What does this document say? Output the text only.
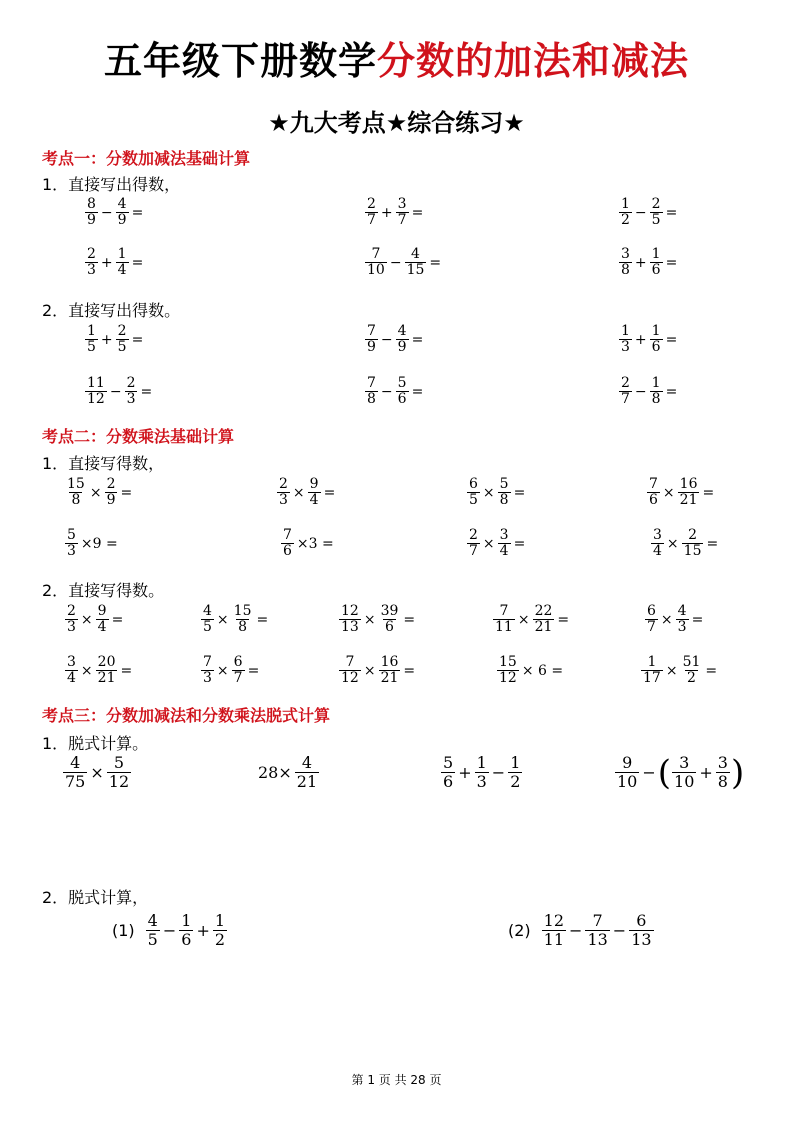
五年级下册数学分数的加法和减法
★九大考点★综合练习★
考点一：分数加减法基础计算
1．直接写出得数，
2．直接写出得数。
考点二：分数乘法基础计算
1．直接写得数，
2．直接写得数。
考点三：分数加减法和分数乘法脱式计算
1．脱式计算。
2．脱式计算，
$\frac{8}{9} - \frac{4}{9}$ =	$\frac{2}{7} + \frac{3}{7}$ =	$\frac{1}{2} - \frac{2}{5}$ =
$\frac{2}{3} + \frac{1}{4}$ =	$\frac{7}{10} - \frac{4}{15}$ =	$\frac{3}{8} + \frac{1}{6}$ =
$\frac{1}{5} + \frac{2}{5}$ =	$\frac{7}{9} - \frac{4}{9}$ =	$\frac{1}{3} + \frac{1}{6}$ =
$\frac{11}{12} - \frac{2}{3}$ =	$\frac{7}{8} - \frac{5}{6}$ =	$\frac{2}{7} - \frac{1}{8}$ =
$\frac{15}{8} \times \frac{2}{9}$ =	$\frac{2}{3} \times \frac{9}{4}$ =	$\frac{6}{5} \times \frac{5}{8}$ =	$\frac{7}{6} \times \frac{16}{21}$ =
$\frac{5}{3} \times 9$ =	$\frac{7}{6} \times 3$ =	$\frac{2}{7} \times \frac{3}{4}$ =	$\frac{3}{4} \times \frac{2}{15}$ =
$\frac{2}{3} \times \frac{9}{4}$ =	$\frac{4}{5} \times \frac{15}{8}$ =	$\frac{12}{13} \times \frac{39}{6}$ =	$\frac{7}{11} \times \frac{22}{21}$ =	$\frac{6}{7} \times \frac{4}{3}$ =
$\frac{3}{4} \times \frac{20}{21}$ =	$\frac{7}{3} \times \frac{6}{7}$ =	$\frac{7}{12} \times \frac{16}{21}$ =	$\frac{15}{12} \times 6$ =	$\frac{1}{17} \times \frac{51}{2}$ =
$\frac{4}{75} \times \frac{5}{12}$	$28\times \frac{4}{21}$	$\frac{5}{6} + \frac{1}{3} - \frac{1}{2}$	$\frac{9}{10}$ − ( $\frac{3}{10} + \frac{3}{8}$ )
$(1) \frac{4}{5} - \frac{1}{6} + \frac{1}{2}$	$(2) \frac{12}{11} - \frac{7}{13} - \frac{6}{13}$
第 1 页 共 28 页
